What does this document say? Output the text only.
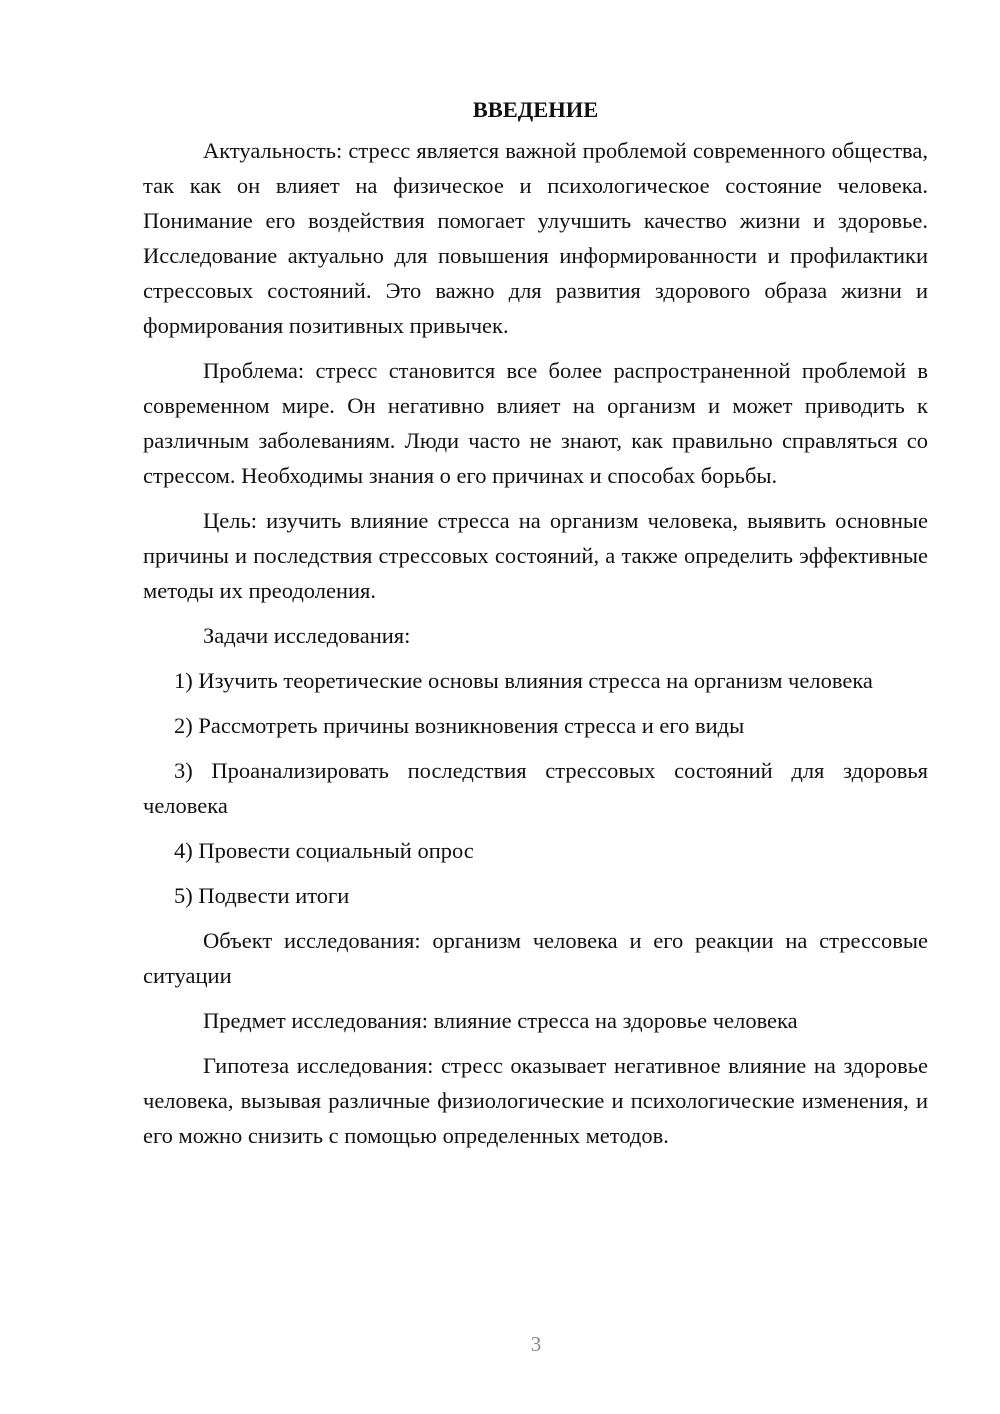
ВВЕДЕНИЕ

Актуальность: стресс является важной проблемой современного общества, так как он влияет на физическое и психологическое состояние человека. Понимание его воздействия помогает улучшить качество жизни и здоровье. Исследование актуально для повышения информированности и профилактики стрессовых состояний. Это важно для развития здорового образа жизни и формирования позитивных привычек.

Проблема: стресс становится все более распространенной проблемой в современном мире. Он негативно влияет на организм и может приводить к различным заболеваниям. Люди часто не знают, как правильно справляться со стрессом. Необходимы знания о его причинах и способах борьбы.

Цель: изучить влияние стресса на организм человека, выявить основные причины и последствия стрессовых состояний, а также определить эффективные методы их преодоления.

Задачи исследования:

1) Изучить теоретические основы влияния стресса на организм человека

2) Рассмотреть причины возникновения стресса и его виды

3) Проанализировать последствия стрессовых состояний для здоровья человека

4) Провести социальный опрос

5) Подвести итоги

Объект исследования: организм человека и его реакции на стрессовые ситуации

Предмет исследования: влияние стресса на здоровье человека

Гипотеза исследования: стресс оказывает негативное влияние на здоровье человека, вызывая различные физиологические и психологические изменения, и его можно снизить с помощью определенных методов.

3
